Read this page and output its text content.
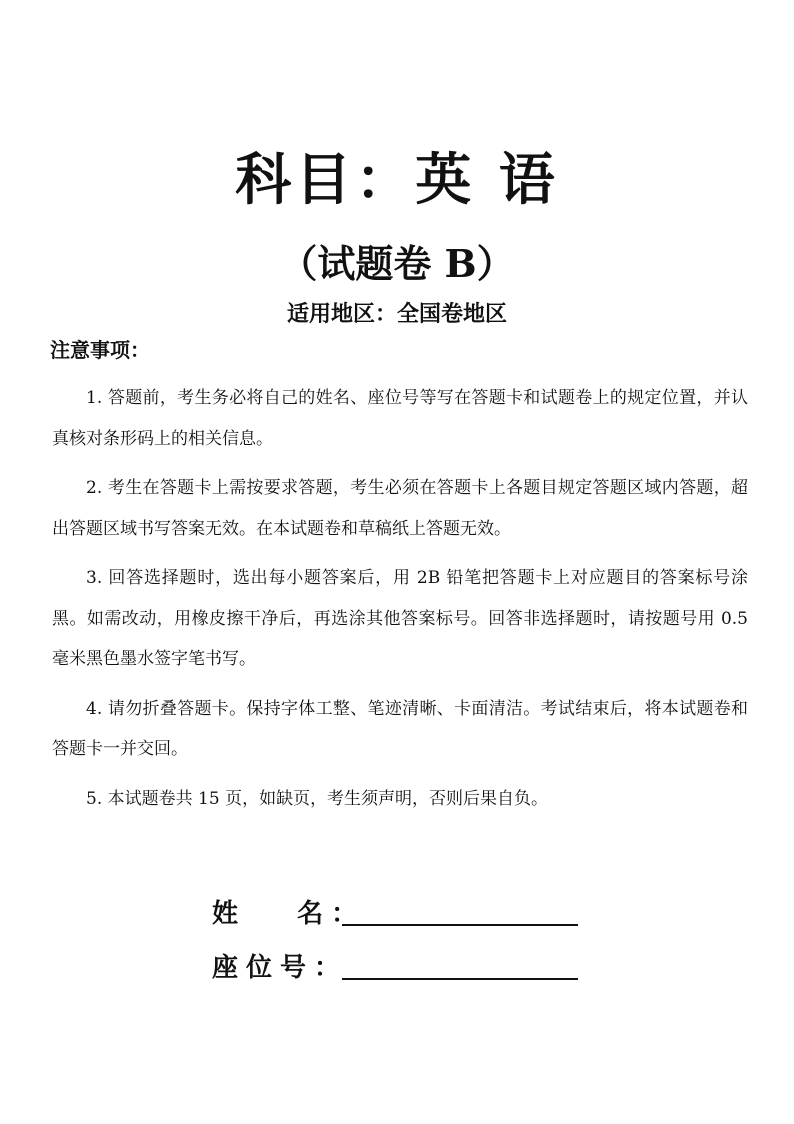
科目：英 语
（试题卷 B）
适用地区：全国卷地区
注意事项：
1. 答题前，考生务必将自己的姓名、座位号等写在答题卡和试题卷上的规定位置，并认真核对条形码上的相关信息。
2. 考生在答题卡上需按要求答题，考生必须在答题卡上各题目规定答题区域内答题，超出答题区域书写答案无效。在本试题卷和草稿纸上答题无效。
3. 回答选择题时，选出每小题答案后，用 2B 铅笔把答题卡上对应题目的答案标号涂黑。如需改动，用橡皮擦干净后，再选涂其他答案标号。回答非选择题时，请按题号用 0.5 毫米黑色墨水签字笔书写。
4. 请勿折叠答题卡。保持字体工整、笔迹清晰、卡面清洁。考试结束后，将本试题卷和答题卡一并交回。
5. 本试题卷共 15 页，如缺页，考生须声明，否则后果自负。
姓   名：
座位号：
